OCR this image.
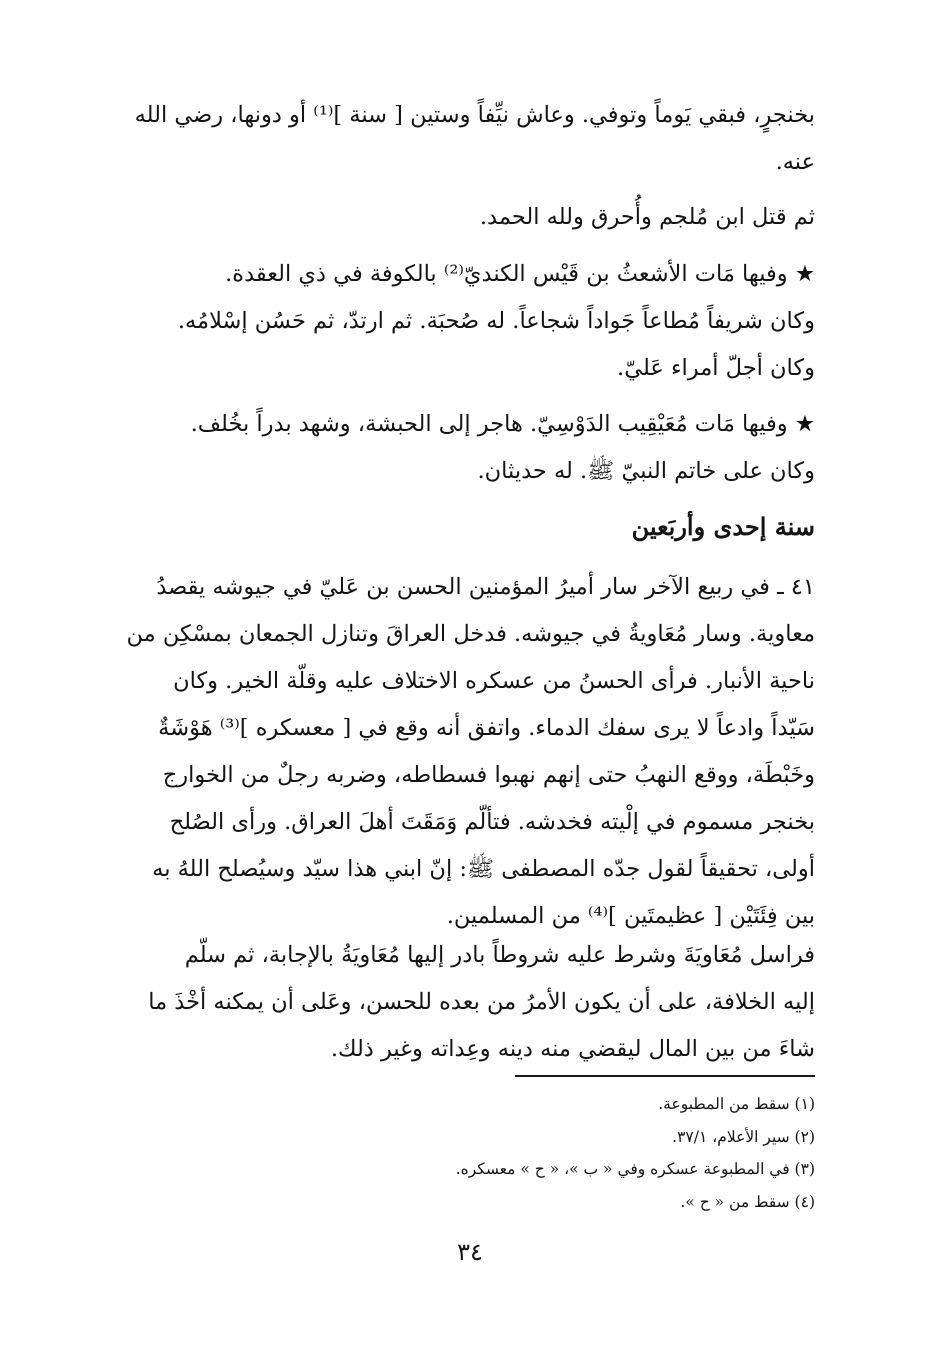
بخنجرٍ، فبقي يَوماً وتوفي. وعاش نيِّفاً وستين [ سنة ]⁽¹⁾ أو دونها، رضي الله
عنه.
ثم قتل ابن مُلجم وأُحرق ولله الحمد.
★ وفيها مَات الأشعثُ بن قَيْس الكنديّ⁽²⁾ بالكوفة في ذي العقدة.
وكان شريفاً مُطاعاً جَواداً شجاعاً. له صُحبَة. ثم ارتدّ، ثم حَسُن إسْلامُه.
وكان أجلّ أمراء عَليّ.
★ وفيها مَات مُعَيْقِيب الدَوْسِيّ. هاجر إلى الحبشة، وشهد بدراً بخُلف.
وكان على خاتم النبيّ ﷺ. له حديثان.
سنة إحدى وأربَعين
٤١ ـ في ربيع الآخر سار أميرُ المؤمنين الحسن بن عَليّ في جيوشه يقصدُ
معاوية. وسار مُعَاويةُ في جيوشه. فدخل العراقَ وتنازل الجمعان بمسْكِن من
ناحية الأنبار. فرأى الحسنُ من عسكره الاختلاف عليه وقلّة الخير. وكان
سَيّداً وادعاً لا يرى سفك الدماء. واتفق أنه وقع في [ معسكره ]⁽³⁾ هَوْشَةٌ
وخَبْطَة، ووقع النهبُ حتى إنهم نهبوا فسطاطه، وضربه رجلٌ من الخوارج
بخنجر مسموم في إلْيته فخدشه. فتألّم وَمَقَتَ أهلَ العراق. ورأى الصُلح
أولى، تحقيقاً لقول جدّه المصطفى ﷺ: إنّ ابني هذا سيّد وسيُصلح اللهُ به
بين فِئَتَيْن [ عظيمتَين ]⁽⁴⁾ من المسلمين.
فراسل مُعَاويَةَ وشرط عليه شروطاً بادر إليها مُعَاويَةُ بالإجابة، ثم سلّم
إليه الخلافة، على أن يكون الأمرُ من بعده للحسن، وعَلى أن يمكنه أخْذَ ما
شاءَ من بين المال ليقضي منه دينه وعِداته وغير ذلك.
(١) سقط من المطبوعة.
(٢) سير الأعلام، ٣٧/١.
(٣) في المطبوعة عسكره وفي « ب »، « ح » معسكره.
(٤) سقط من « ح ».
٣٤
